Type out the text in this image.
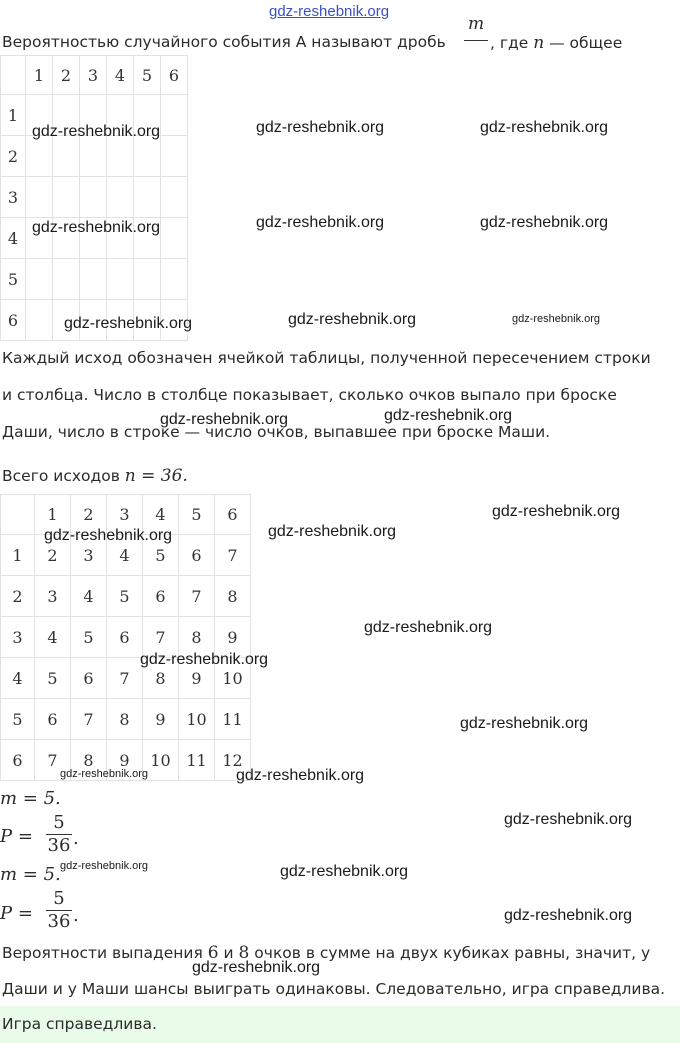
gdz-reshebnik.org
Вероятностью случайного события А называют дробь
m
, где n — общее
	1	2	3	4	5	6
1						
2						
3						
4						
5						
6						
Каждый исход обозначен ячейкой таблицы, полученной пересечением строки
и столбца. Число в столбце показывает, сколько очков выпало при броске
Даши, число в строке — число очков, выпавшее при броске Маши.
Всего исходов n = 36.
	1	2	3	4	5	6
1	2	3	4	5	6	7
2	3	4	5	6	7	8
3	4	5	6	7	8	9
4	5	6	7	8	9	10
5	6	7	8	9	10	11
6	7	8	9	10	11	12
m = 5.
P =
5
36 .
m = 5.
P =
5
36 .
Вероятности выпадения 6 и 8 очков в сумме на двух кубиках равны, значит, у
Даши и у Маши шансы выиграть одинаковы. Следовательно, игра справедлива.
Игра справедлива.
gdz-reshebnik.org	gdz-reshebnik.org	gdz-reshebnik.org
gdz-reshebnik.org	gdz-reshebnik.org	gdz-reshebnik.org
gdz-reshebnik.org	gdz-reshebnik.org	gdz-reshebnik.org
gdz-reshebnik.org	gdz-reshebnik.org
gdz-reshebnik.org
gdz-reshebnik.org	gdz-reshebnik.org
gdz-reshebnik.org
gdz-reshebnik.org
gdz-reshebnik.org
gdz-reshebnik.org	gdz-reshebnik.org
gdz-reshebnik.org
gdz-reshebnik.org	gdz-reshebnik.org
gdz-reshebnik.org
gdz-reshebnik.org
